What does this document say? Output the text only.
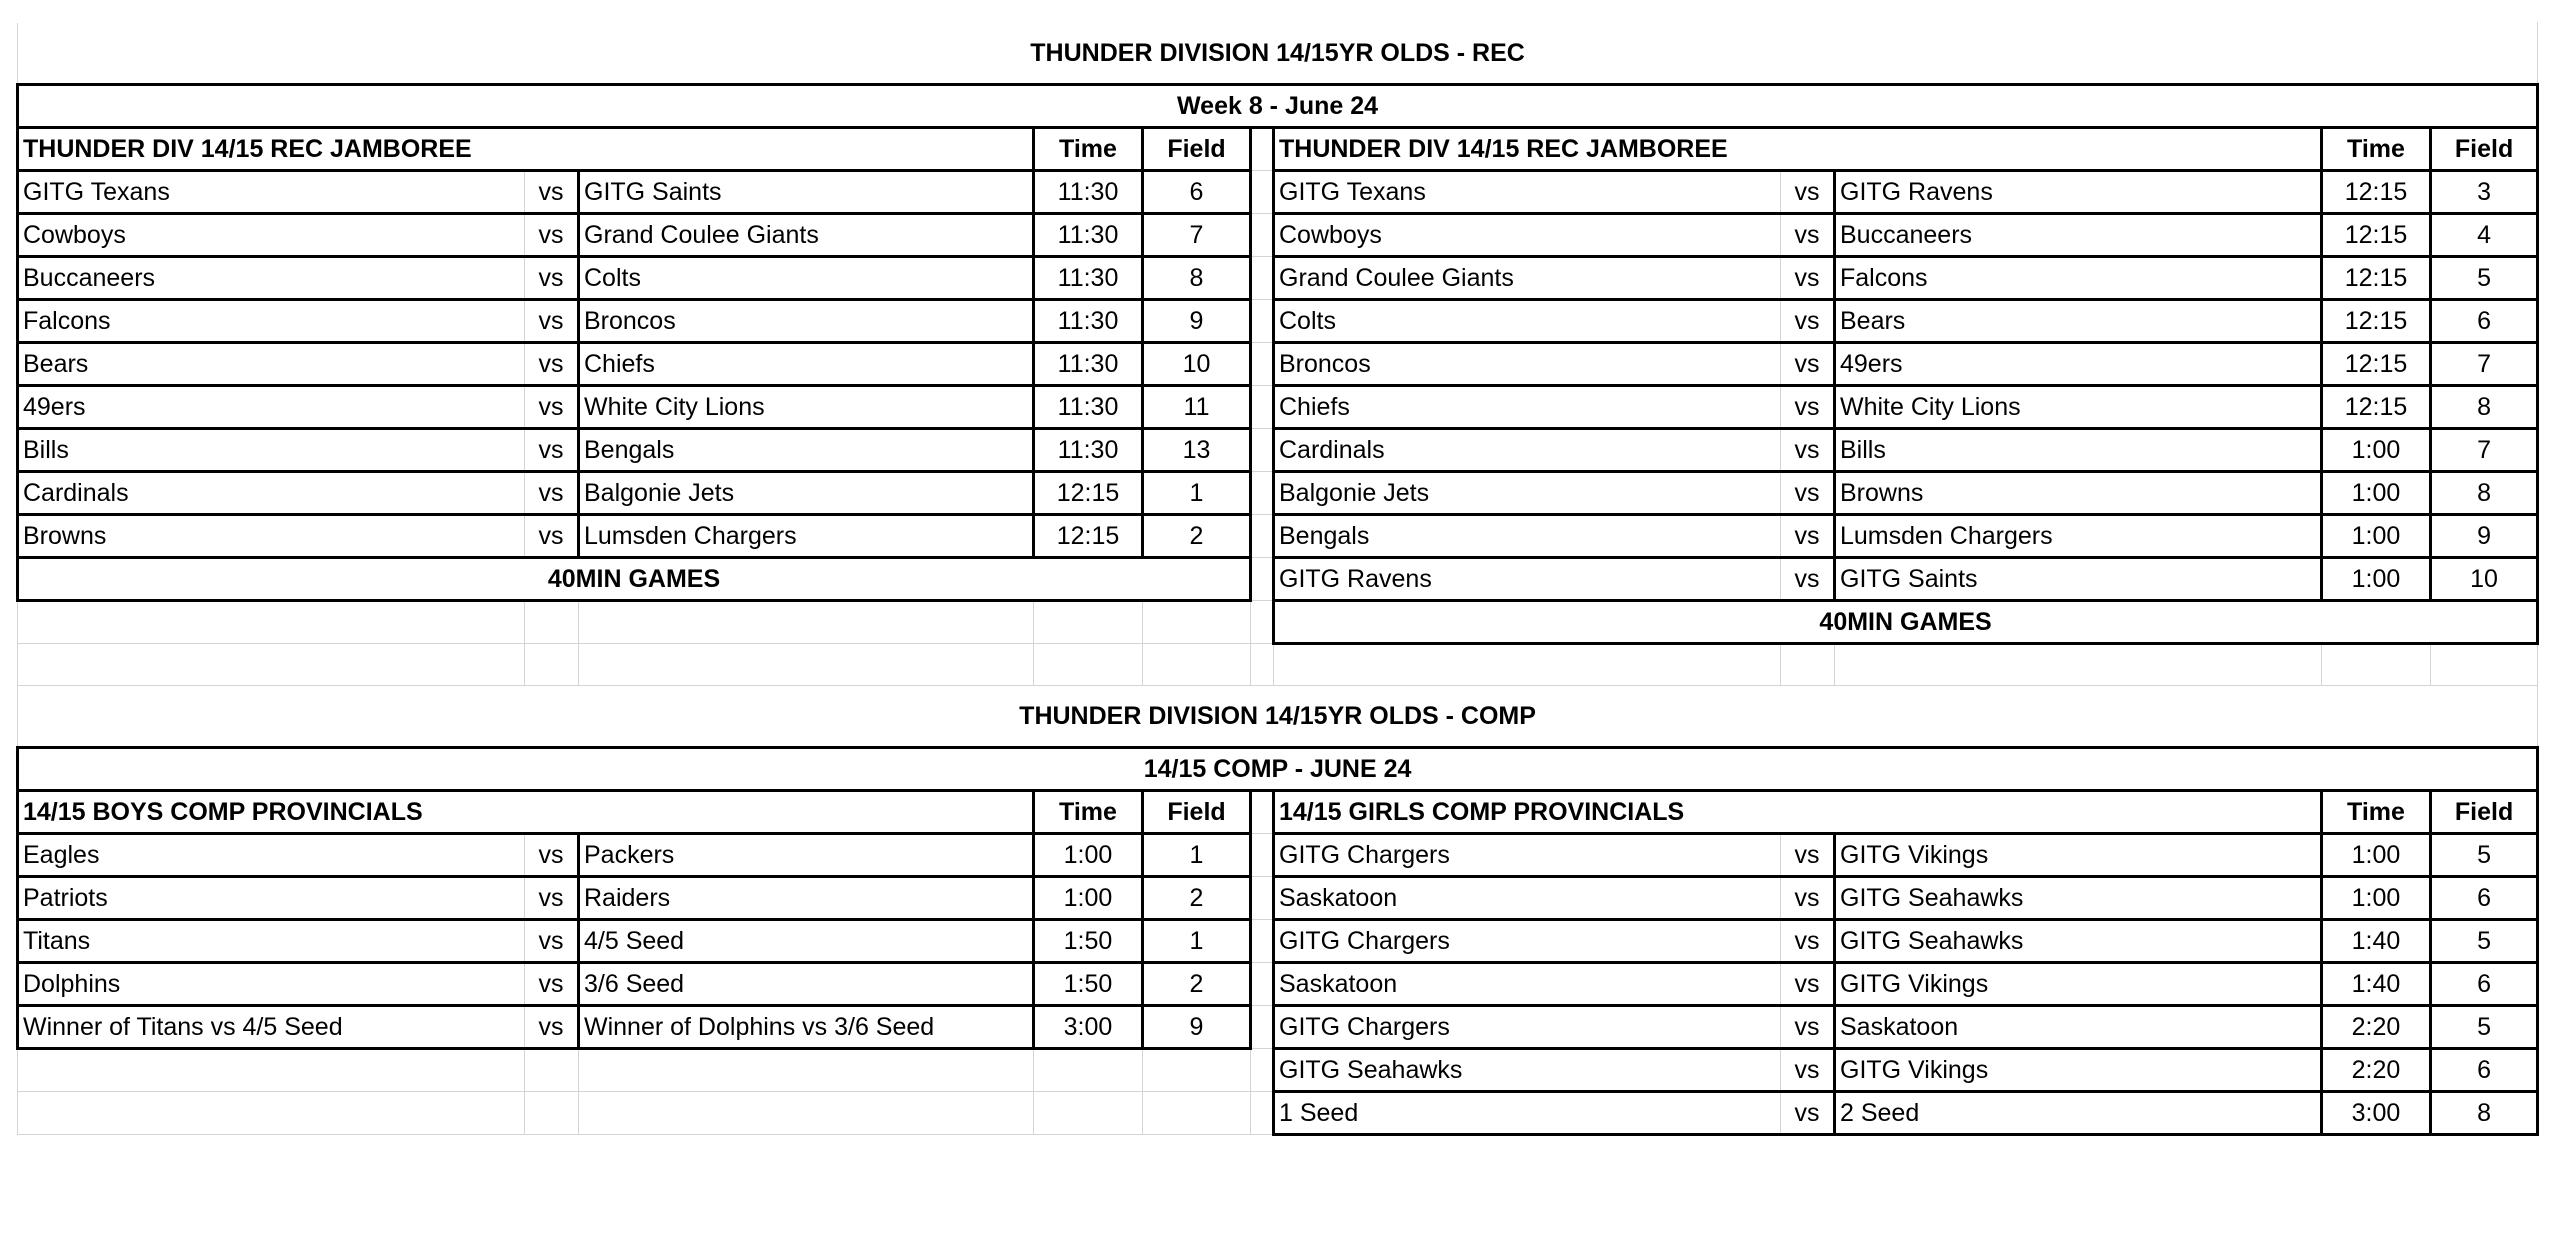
THUNDER DIVISION 14/15YR OLDS - REC										
Week 8 - June 24										
THUNDER DIV 14/15 REC JAMBOREE			Time	Field		THUNDER DIV 14/15 REC JAMBOREE			Time	Field
GITG Texans	vs	GITG Saints	11:30	6		GITG Texans	vs	GITG Ravens	12:15	3
Cowboys	vs	Grand Coulee Giants	11:30	7		Cowboys	vs	Buccaneers	12:15	4
Buccaneers	vs	Colts	11:30	8		Grand Coulee Giants	vs	Falcons	12:15	5
Falcons	vs	Broncos	11:30	9		Colts	vs	Bears	12:15	6
Bears	vs	Chiefs	11:30	10		Broncos	vs	49ers	12:15	7
49ers	vs	White City Lions	11:30	11		Chiefs	vs	White City Lions	12:15	8
Bills	vs	Bengals	11:30	13		Cardinals	vs	Bills	1:00	7
Cardinals	vs	Balgonie Jets	12:15	1		Balgonie Jets	vs	Browns	1:00	8
Browns	vs	Lumsden Chargers	12:15	2		Bengals	vs	Lumsden Chargers	1:00	9
40MIN GAMES						GITG Ravens	vs	GITG Saints	1:00	10
						40MIN GAMES				

THUNDER DIVISION 14/15YR OLDS - COMP										
14/15 COMP - JUNE 24										
14/15 BOYS COMP PROVINCIALS			Time	Field		14/15 GIRLS COMP PROVINCIALS			Time	Field
Eagles	vs	Packers	1:00	1		GITG Chargers	vs	GITG Vikings	1:00	5
Patriots	vs	Raiders	1:00	2		Saskatoon	vs	GITG Seahawks	1:00	6
Titans	vs	4/5 Seed	1:50	1		GITG Chargers	vs	GITG Seahawks	1:40	5
Dolphins	vs	3/6 Seed	1:50	2		Saskatoon	vs	GITG Vikings	1:40	6
Winner of Titans vs 4/5 Seed	vs	Winner of Dolphins vs 3/6 Seed	3:00	9		GITG Chargers	vs	Saskatoon	2:20	5
						GITG Seahawks	vs	GITG Vikings	2:20	6
						1 Seed	vs	2 Seed	3:00	8
